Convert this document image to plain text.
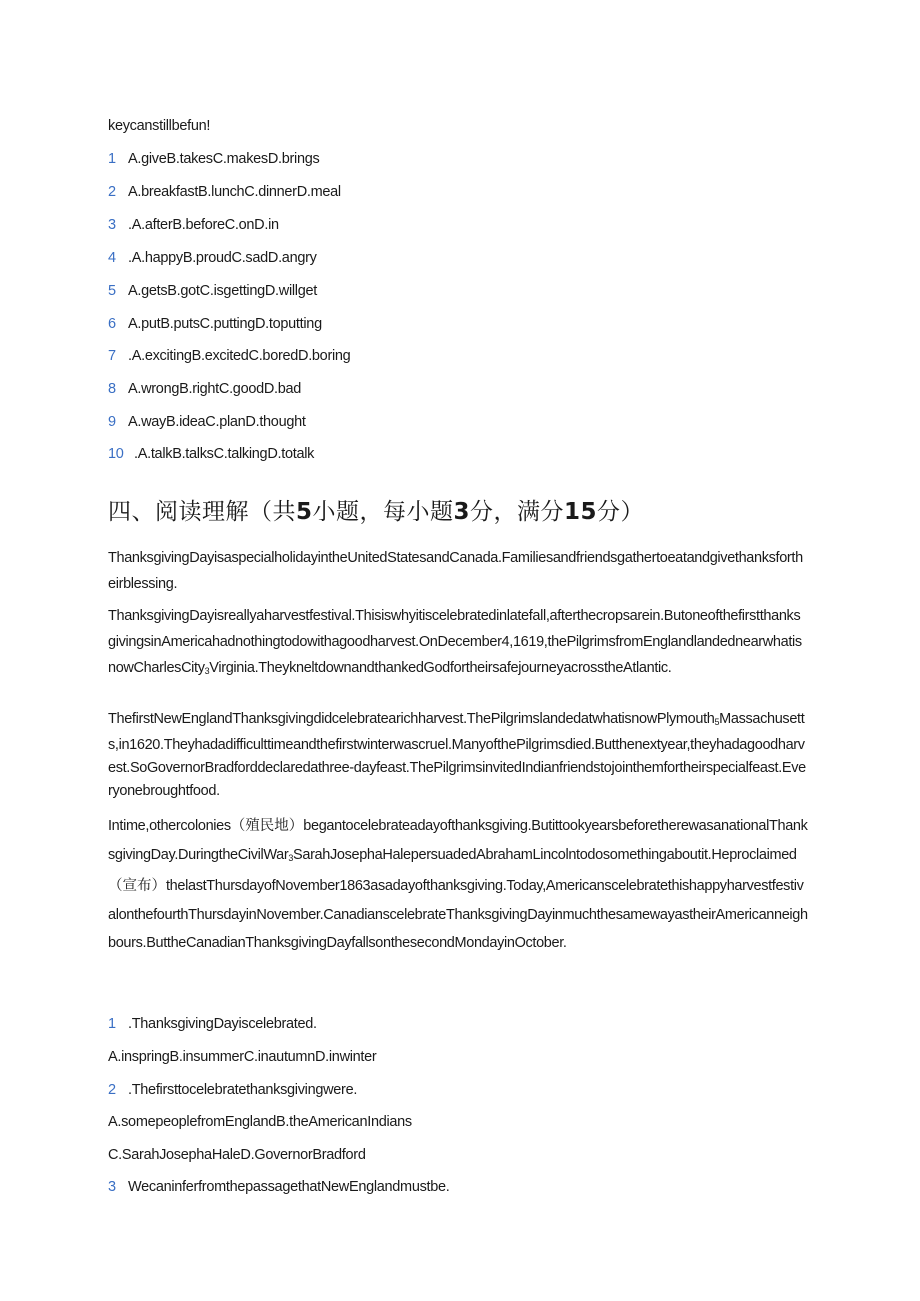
keycanstillbefun!
1 A.giveB.takesC.makesD.brings
2 A.breakfastB.lunchC.dinnerD.meal
3 .A.afterB.beforeC.onD.in
4 .A.happyB.proudC.sadD.angry
5 A.getsB.gotC.isgettingD.willget
6 A.putB.putsC.puttingD.toputting
7 .A.excitingB.excitedC.boredD.boring
8 A.wrongB.rightC.goodD.bad
9 A.wayB.ideaC.planD.thought
10 .A.talkB.talksC.talkingD.totalk
四、阅读理解（共5小题，每小题3分，满分15分）
ThanksgivingDayisaspecialholidayintheUnitedStatesandCanada.Familiesandfriendsgathertoeatandgivethanksfortheirblessing.
ThanksgivingDayisreallyaharvestfestival.Thisiswhyitiscelebratedinlatefall,afterthecropsarein.ButoneofthefirstthanksgivingsinAmericahadnothingtodowithagoodharvest.OnDecember4,1619,thePilgrimsfromEnglandlandednearwhatisnowCharlesCity$_3$Virginia.TheykneltdownandthankedGodfortheirsafejourneyacrosstheAtlantic.
ThefirstNewEnglandThanksgivingdidcelebratearichharvest.ThePilgrimslandedatwhatisnowPlymouth$_5$Massachusetts,in1620.Theyhadadifficulttimeandthefirstwinterwascruel.ManyofthePilgrimsdied.Butthenextyear,theyhadagoodharvest.SoGovernorBradforddeclaredathree-dayfeast.ThePilgrimsinvitedIndianfriendstojointhemfortheirspecialfeast.Everyonebroughtfood.
Intime,othercolonies（殖民地）begantocelebrateadayofthanksgiving.ButittookyearsbeforetherewasanationalThanksgivingDay.DuringtheCivilWar$_3$SarahJosephaHalepersuadedAbrahamLincolntodosomethingaboutit.Heproclaimed（宣布）thelastThursdayofNovember1863asadayofthanksgiving.Today,AmericanscelebratethishappyharvestfestivalonthefourthThursdayinNovember.CanadianscelebrateThanksgivingDayinmuchthesamewayastheirAmericanneighbours.ButtheCanadianThanksgivingDayfallsonthesecondMondayinOctober.
1 .ThanksgivingDayiscelebrated.
A.inspringB.insummerC.inautumnD.inwinter
2 .Thefirsttocelebratethanksgivingwere.
A.somepeoplefromEnglandB.theAmericanIndians
C.SarahJosephaHaleD.GovernorBradford
3 WecaninferfromthepassagethatNewEnglandmustbe.
